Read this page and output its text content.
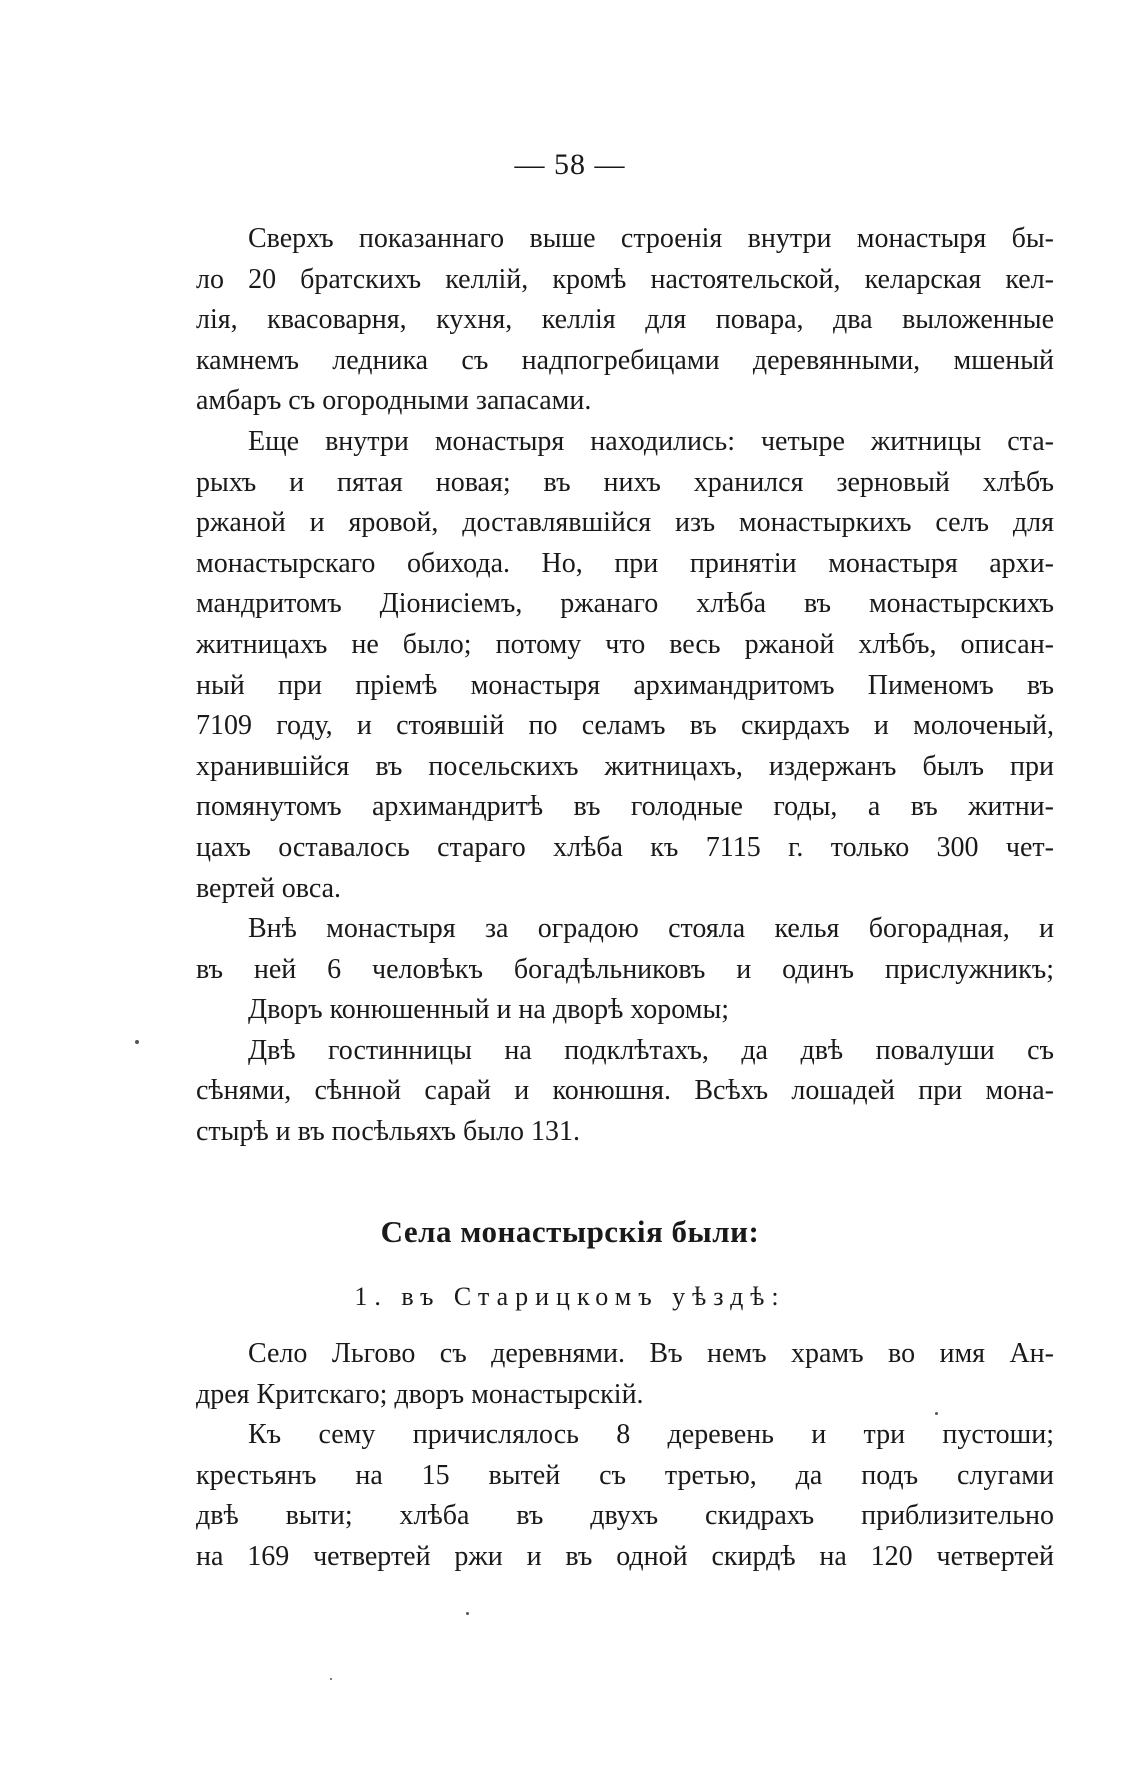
— 58 —
Сверхъ показаннаго выше строенія внутри монастыря бы-
ло 20 братскихъ келлій, кромѣ настоятельской, келарская кел-
лія, квасоварня, кухня, келлія для повара, два выложенные
камнемъ ледника съ надпогребицами деревянными, мшеный
амбаръ съ огородными запасами.
Еще внутри монастыря находились: четыре житницы ста-
рыхъ и пятая новая; въ нихъ хранился зерновый хлѣбъ
ржаной и яровой, доставлявшійся изъ монастыркихъ селъ для
монастырскаго обихода. Но, при принятіи монастыря архи-
мандритомъ Діонисіемъ, ржанаго хлѣба въ монастырскихъ
житницахъ не было; потому что весь ржаной хлѣбъ, описан-
ный при пріемѣ монастыря архимандритомъ Пименомъ въ
7109 году, и стоявшій по селамъ въ скирдахъ и молоченый,
хранившійся въ посельскихъ житницахъ, издержанъ былъ при
помянутомъ архимандритѣ въ голодные годы, а въ житни-
цахъ оставалось стараго хлѣба къ 7115 г. только 300 чет-
вертей овса.
Внѣ монастыря за оградою стояла келья богорадная, и
въ ней 6 человѣкъ богадѣльниковъ и одинъ прислужникъ;
Дворъ конюшенный и на дворѣ хоромы;
Двѣ гостинницы на подклѣтахъ, да двѣ повалуши съ
сѣнями, сѣнной сарай и конюшня. Всѣхъ лошадей при мона-
стырѣ и въ посѣльяхъ было 131.
Села монастырскія были:
1. въ Старицкомъ уѣздѣ:
Село Льгово съ деревнями. Въ немъ храмъ во имя Ан-
дрея Критскаго; дворъ монастырскій.
Къ сему причислялось 8 деревень и три пустоши;
крестьянъ на 15 вытей съ третью, да подъ слугами
двѣ выти; хлѣба въ двухъ скидрахъ приблизительно
на 169 четвертей ржи и въ одной скирдѣ на 120 четвертей
